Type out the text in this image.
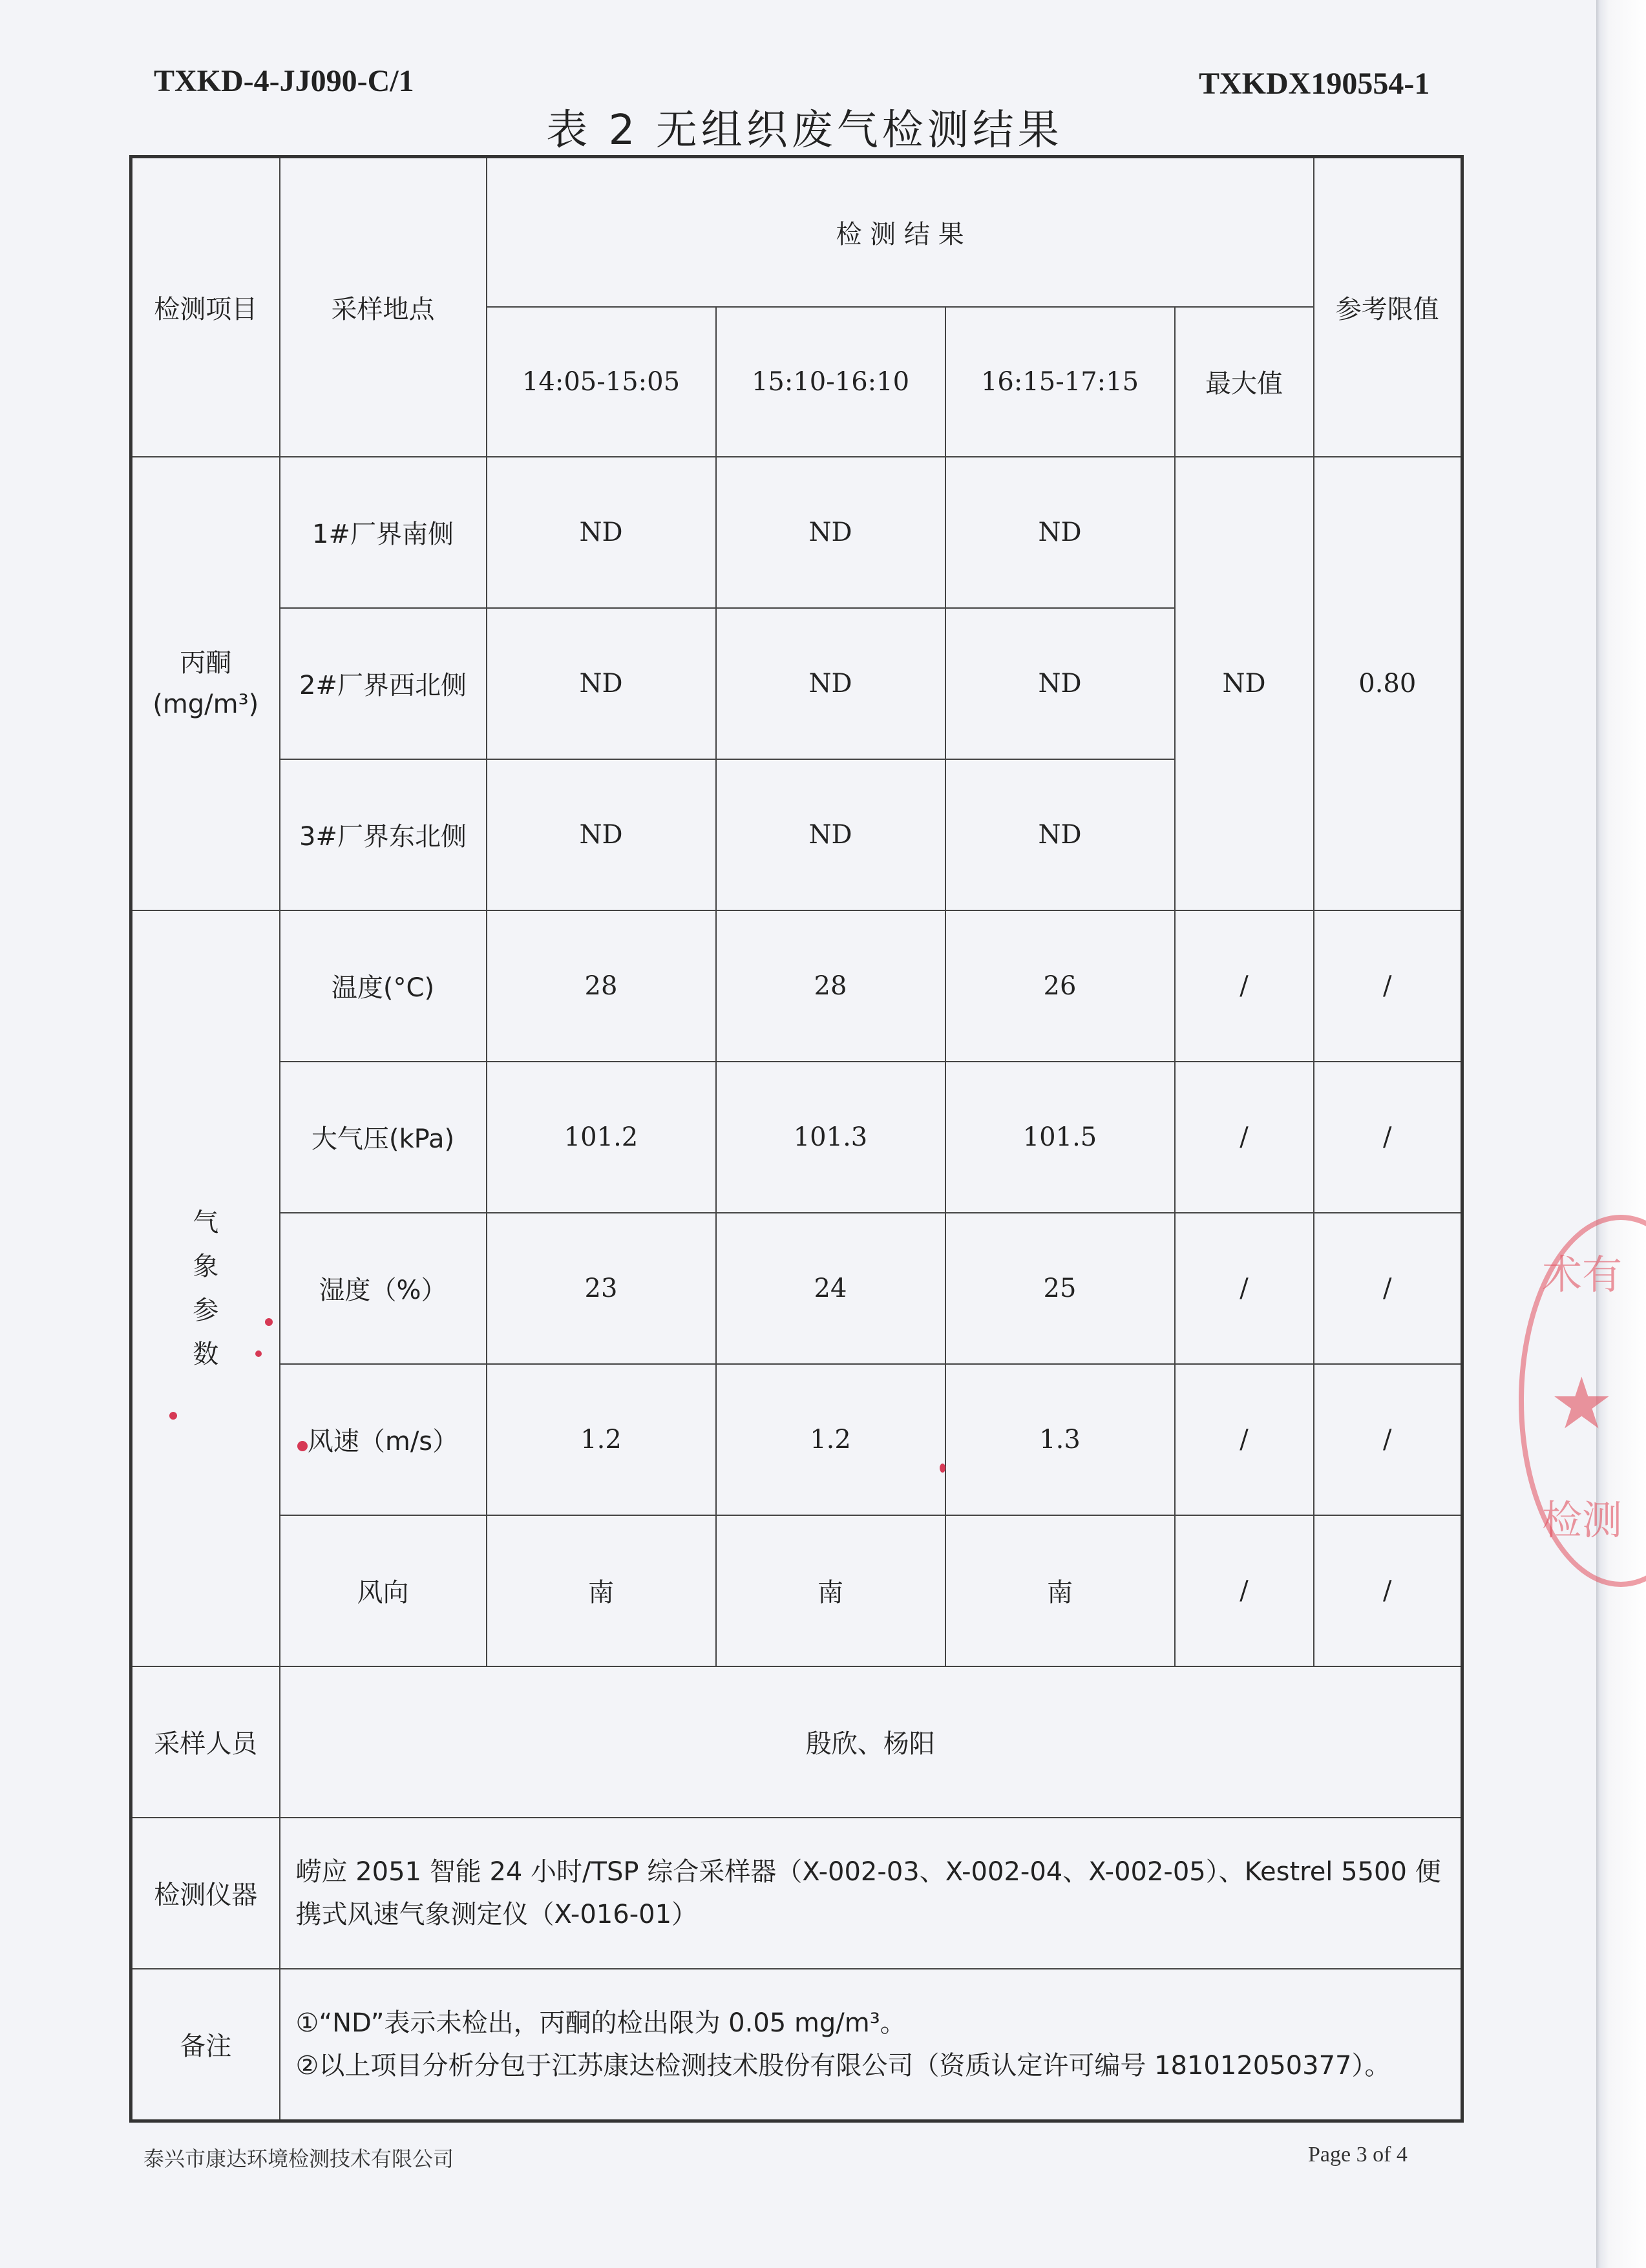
TXKD-4-JJ090-C/1	TXKDX190554-1
表 2 无组织废气检测结果
检测项目	采样地点	检 测 结 果				参考限值
		14:05-15:05	15:10-16:10	16:15-17:15	最大值	
丙酮
(mg/m³)	1#厂界南侧	ND	ND	ND	ND	0.80
	2#厂界西北侧	ND	ND	ND		
	3#厂界东北侧	ND	ND	ND		

气
象
参
数	温度(°C)	28	28	26	/	/
	大气压(kPa)	101.2	101.3	101.5	/	/
	湿度（%）	23	24	25	/	/
	风速（m/s）	1.2	1.2	1.3	/	/
	风向	南	南	南	/	/
采样人员	殷欣、杨阳					
检测仪器	崂应 2051 智能 24 小时/TSP 综合采样器（X-002-03、X-002-04、X-002-05）、Kestrel 5500 便携式风速气象测定仪（X-016-01）					
备注	①“ND”表示未检出，丙酮的检出限为 0.05 mg/m³。
②以上项目分析分包于江苏康达检测技术股份有限公司（资质认定许可编号 181012050377）。					
泰兴市康达环境检测技术有限公司	Page 3 of 4
术有
★
检测
